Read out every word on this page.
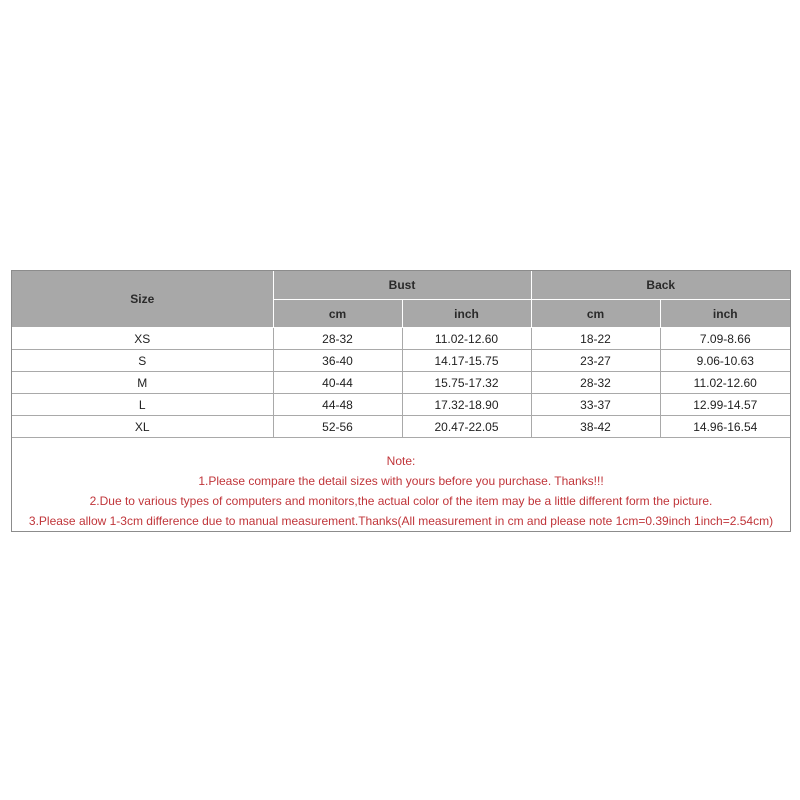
Size	Bust		Back	
	cm	inch	cm	inch
XS	28-32	11.02-12.60	18-22	7.09-8.66
S	36-40	14.17-15.75	23-27	9.06-10.63
M	40-44	15.75-17.32	28-32	11.02-12.60
L	44-48	17.32-18.90	33-37	12.99-14.57
XL	52-56	20.47-22.05	38-42	14.96-16.54
Note:
1.Please compare the detail sizes with yours before you purchase. Thanks!!!
2.Due to various types of computers and monitors,the actual color of the item may be a little different form the picture.
3.Please allow 1-3cm difference due to manual measurement.Thanks(All measurement in cm and please note 1cm=0.39inch 1inch=2.54cm)
